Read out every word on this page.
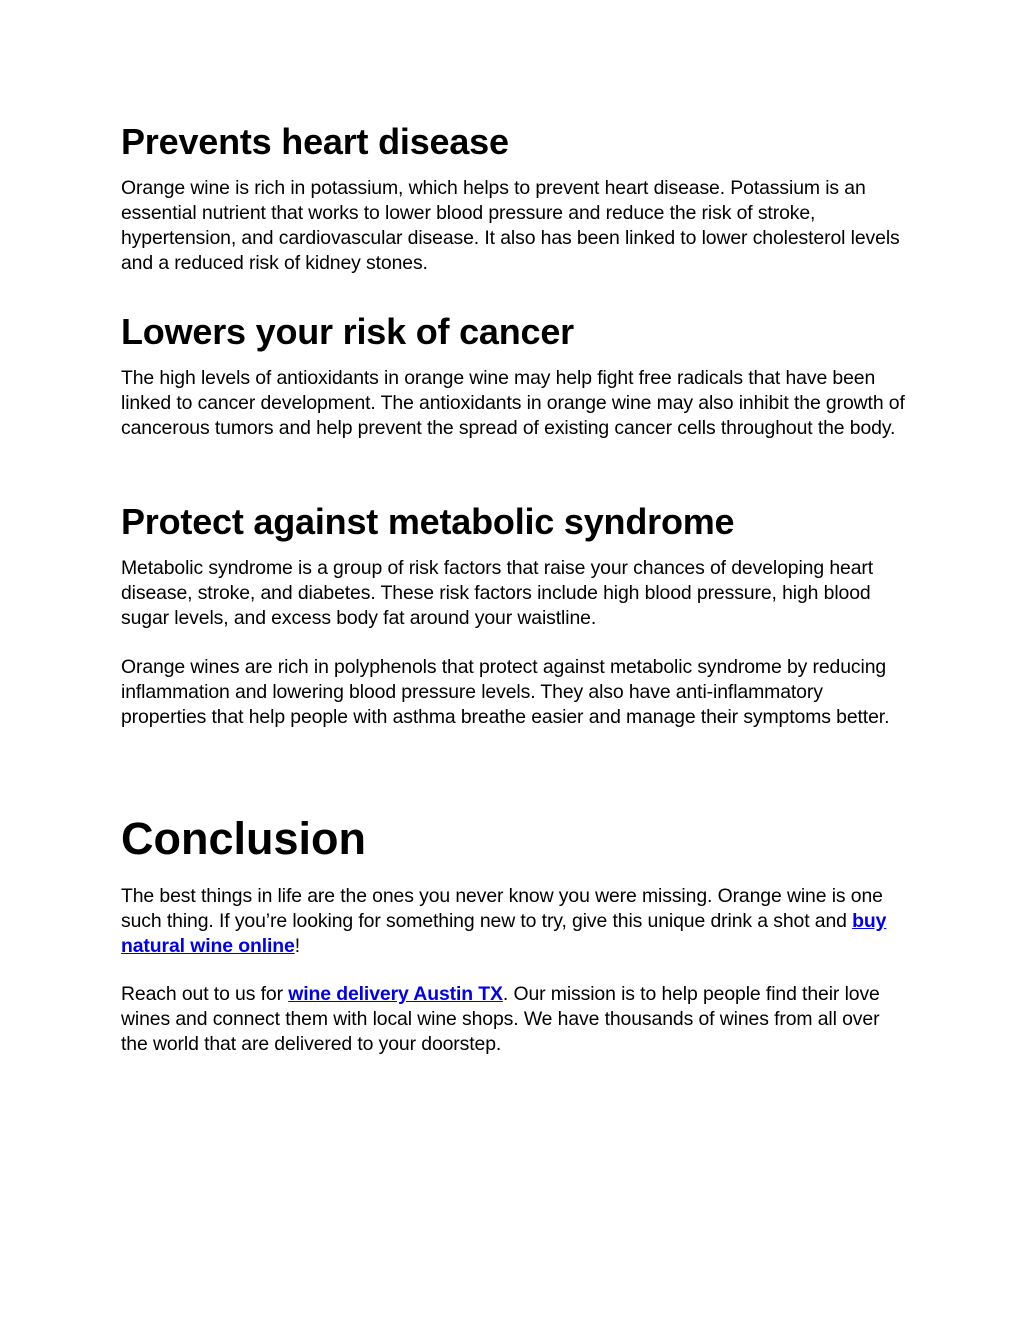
Prevents heart disease

Orange wine is rich in potassium, which helps to prevent heart disease. Potassium is an essential nutrient that works to lower blood pressure and reduce the risk of stroke, hypertension, and cardiovascular disease. It also has been linked to lower cholesterol levels and a reduced risk of kidney stones.

Lowers your risk of cancer

The high levels of antioxidants in orange wine may help fight free radicals that have been linked to cancer development. The antioxidants in orange wine may also inhibit the growth of cancerous tumors and help prevent the spread of existing cancer cells throughout the body.

Protect against metabolic syndrome

Metabolic syndrome is a group of risk factors that raise your chances of developing heart disease, stroke, and diabetes. These risk factors include high blood pressure, high blood sugar levels, and excess body fat around your waistline.

Orange wines are rich in polyphenols that protect against metabolic syndrome by reducing inflammation and lowering blood pressure levels. They also have anti-inflammatory properties that help people with asthma breathe easier and manage their symptoms better.

Conclusion

The best things in life are the ones you never know you were missing. Orange wine is one such thing. If you’re looking for something new to try, give this unique drink a shot and buy natural wine online!

Reach out to us for wine delivery Austin TX. Our mission is to help people find their love wines and connect them with local wine shops. We have thousands of wines from all over the world that are delivered to your doorstep.
